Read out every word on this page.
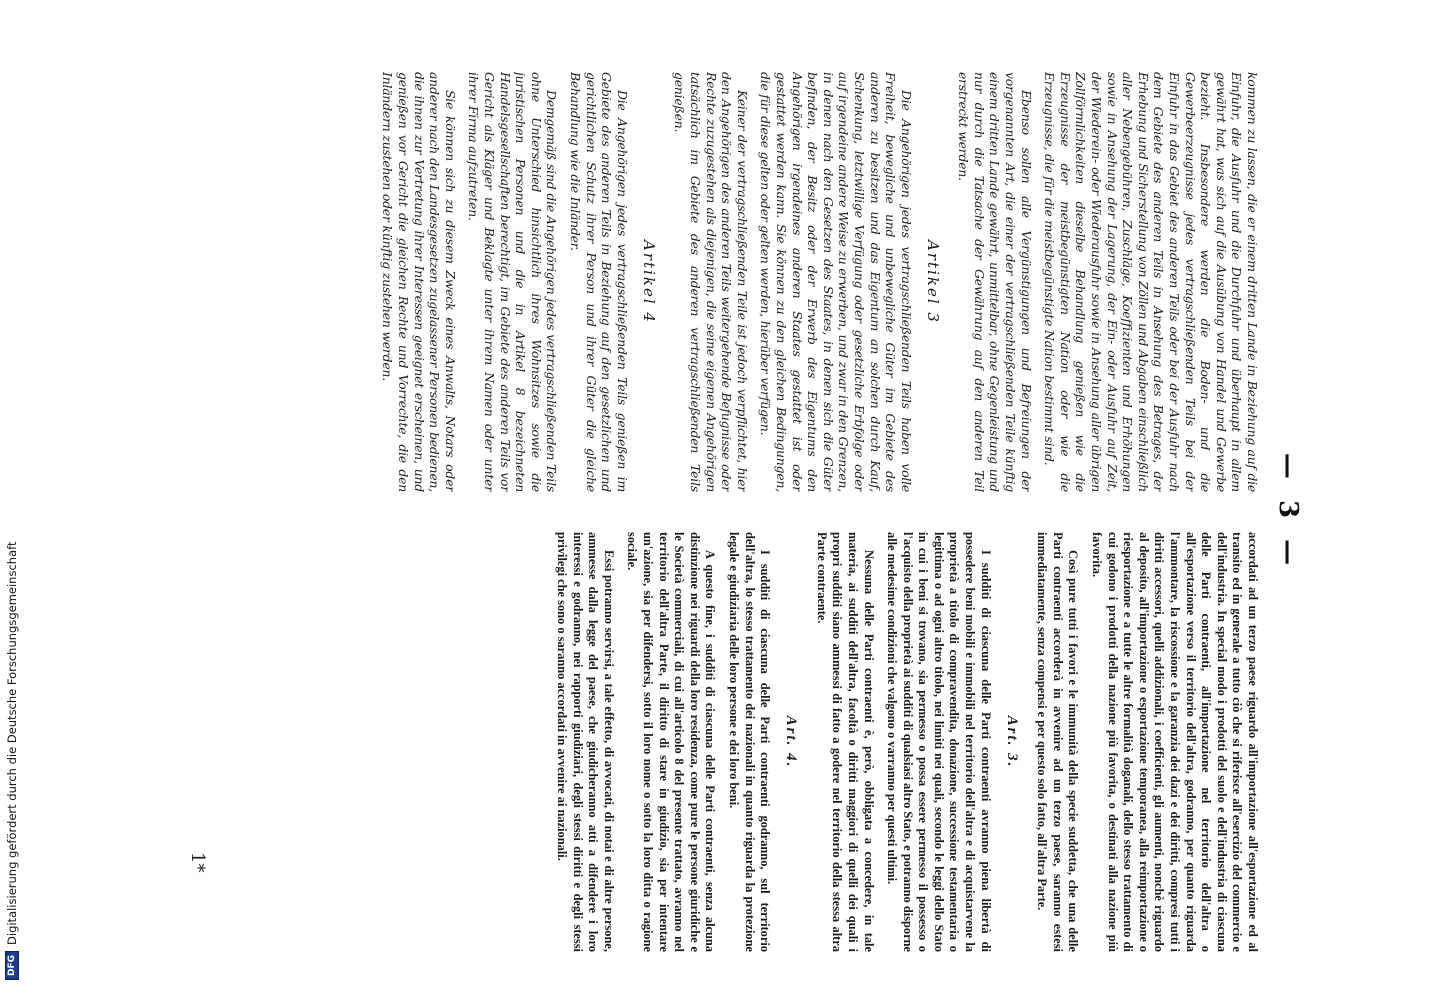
DFG
Digitalisierung gefördert durch die Deutsche Forschungsgemeinschaft
— 3 —

kommen zu lassen, die er einem dritten Lande in Beziehung auf die Einfuhr, die Ausfuhr und die Durchfuhr und überhaupt in allem gewährt hat, was sich auf die Ausübung von Handel und Gewerbe bezieht. Insbesondere werden die Boden- und die Gewerbeerzeugnisse jedes vertragschließenden Teils bei der Einfuhr in das Gebiet des anderen Teils oder bei der Ausfuhr nach dem Gebiete des anderen Teils in Ansehung des Betrages, der Erhebung und Sicherstellung von Zöllen und Abgaben einschließlich aller Nebengebühren, Zuschläge, Koeffizienten und Erhöhungen sowie in Ansehung der Lagerung, der Ein- oder Ausfuhr auf Zeit, der Wiederein- oder Wiederausfuhr sowie in Ansehung aller übrigen Zollförmlichkeiten dieselbe Behandlung genießen wie die Erzeugnisse der meistbegünstigten Nation oder wie die Erzeugnisse, die für die meistbegünstigte Nation bestimmt sind.

Ebenso sollen alle Vergünstigungen und Befreiungen der vorgenannten Art, die einer der vertragschließenden Teile künftig einem dritten Lande gewährt, unmittelbar, ohne Gegenleistung und nur durch die Tatsache der Gewährung auf den anderen Teil erstreckt werden.

Artikel 3

Die Angehörigen jedes vertragschließenden Teils haben volle Freiheit, bewegliche und unbewegliche Güter im Gebiete des anderen zu besitzen und das Eigentum an solchen durch Kauf, Schenkung, letztwillige Verfügung oder gesetzliche Erbfolge oder auf irgendeine andere Weise zu erwerben, und zwar in den Grenzen, in denen nach den Gesetzen des Staates, in denen sich die Güter befinden, der Besitz oder der Erwerb des Eigentums den Angehörigen irgendeines anderen Staates gestattet ist oder gestattet werden kann. Sie können zu den gleichen Bedingungen, die für diese gelten oder gelten werden, hierüber verfügen.

Keiner der vertragschließenden Teile ist jedoch verpflichtet, hier den Angehörigen des anderen Teils weitergehende Befugnisse oder Rechte zuzugestehen als diejenigen, die seine eigenen Angehörigen tatsächlich im Gebiete des anderen vertragschließenden Teils genießen.

Artikel 4

Die Angehörigen jedes vertragschließenden Teils genießen im Gebiete des anderen Teils in Beziehung auf den gesetzlichen und gerichtlichen Schutz ihrer Person und ihrer Güter die gleiche Behandlung wie die Inländer.

Demgemäß sind die Angehörigen jedes vertragschließenden Teils ohne Unterschied hinsichtlich ihres Wohnsitzes sowie die juristischen Personen und die in Artikel 8 bezeichneten Handelsgesellschaften berechtigt, im Gebiete des anderen Teils vor Gericht als Kläger und Beklagte unter ihrem Namen oder unter ihrer Firma aufzutreten.

Sie können sich zu diesem Zweck eines Anwalts, Notars oder anderer nach den Landesgesetzen zugelassener Personen bedienen, die ihnen zur Vertretung ihrer Interessen geeignet erscheinen, und genießen vor Gericht die gleichen Rechte und Vorrechte, die den Inländern zustehen oder künftig zustehen werden.

accordati ad un terzo paese riguardo all'importazione all'esportazione ed al transito ed in generale a tutto ciò che si riferisce all'esercizio del commercio e dell'industria. In special modo i prodotti del suolo e dell'industria di ciascuna delle Parti contraenti, all'importazione nel territorio dell'altra o all'esportazione verso il territorio dell'altra, godranno, per quanto riguarda l'ammontare, la riscossione e la garanzia dei dazi e dei diritti, compresi tutti i diritti accessori, quelli addizionali, i coefficienti, gli aumenti, nonchè riguardo al deposito, all'importazione o esportazione temporanea, alla reimportazione o riesportazione e a tutte le altre formalità doganali, dello stesso trattamento di cui godono i prodotti della nazione più favorita, o destinati alla nazione più favorita.

Così pure tutti i favori e le immunità della specie suddetta, che una delle Parti contraenti accorderà in avvenire ad un terzo paese, saranno estesi immediatamente, senza compensi e per questo solo fatto, all'altra Parte.

Art. 3.

I sudditi di ciascuna delle Parti contraenti avranno piena libertà di possedere beni mobili e immobili nel territorio dell'altra e di acquistarvene la proprietà a titolo di compravendita, donazione, successione testamentaria o legittima o ad ogni altro titolo, nei limiti nei quali, secondo le leggi dello Stato in cui i beni si trovano, sia permesso o possa essere permesso il possesso o l'acquisto della proprietà ai sudditi di qualsiasi altro Stato, e potranno disporne alle medesime condizioni che valgono o varranno per questi ultimi.

Nessuna delle Parti contraenti è, però, obbligata a concedere, in tale materia, ai sudditi dell'altra, facoltà o diritti maggiori di quelli dei quali i propri sudditi siano ammessi di fatto a godere nel territorio della stessa altra Parte contraente.

Art. 4.

I sudditi di ciascuna delle Parti contraenti godranno, sul territorio dell'altra, lo stesso trattamento dei nazionali in quanto riguarda la protezione legale e giudiziaria delle loro persone e dei loro beni.

A questo fine, i sudditi di ciascuna delle Parti contraenti, senza alcuna distinzione nei riguardi della loro residenza, come pure le persone giuridiche e le Società commerciali, di cui all'articolo 8 del presente trattato, avranno nel territorio dell'altra Parte, il diritto di stare in giudizio, sia per intentare un'azione, sia per difendersi, sotto il loro nome o sotto la loro ditta o ragione sociale.

Essi potranno servirsi, a tale effetto, di avvocati, di notai e di altre persone, ammesse dalla legge del paese, che giudicheranno atti a difendere i loro interessi e godranno, nei rapporti giudiziari, degli stessi diritti e degli stessi privilegi che sono o saranno accordati in avvenire ai nazionali.

1*
